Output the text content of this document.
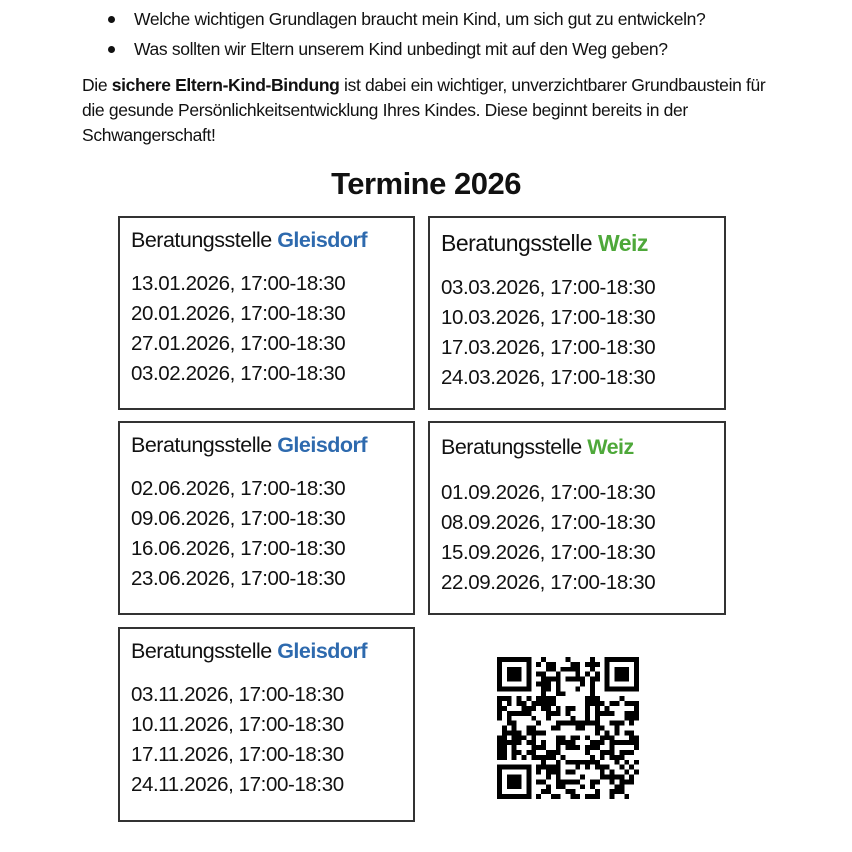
Welche wichtigen Grundlagen braucht mein Kind, um sich gut zu entwickeln?
Was sollten wir Eltern unserem Kind unbedingt mit auf den Weg geben?
Die sichere Eltern-Kind-Bindung ist dabei ein wichtiger, unverzichtbarer Grundbaustein für die gesunde Persönlichkeitsentwicklung Ihres Kindes. Diese beginnt bereits in der Schwangerschaft!
Termine 2026
Beratungsstelle Gleisdorf
13.01.2026, 17:00-18:30
20.01.2026, 17:00-18:30
27.01.2026, 17:00-18:30
03.02.2026, 17:00-18:30
Beratungsstelle Weiz
03.03.2026, 17:00-18:30
10.03.2026, 17:00-18:30
17.03.2026, 17:00-18:30
24.03.2026, 17:00-18:30
Beratungsstelle Gleisdorf
02.06.2026, 17:00-18:30
09.06.2026, 17:00-18:30
16.06.2026, 17:00-18:30
23.06.2026, 17:00-18:30
Beratungsstelle Weiz
01.09.2026, 17:00-18:30
08.09.2026, 17:00-18:30
15.09.2026, 17:00-18:30
22.09.2026, 17:00-18:30
Beratungsstelle Gleisdorf
03.11.2026, 17:00-18:30
10.11.2026, 17:00-18:30
17.11.2026, 17:00-18:30
24.11.2026, 17:00-18:30
